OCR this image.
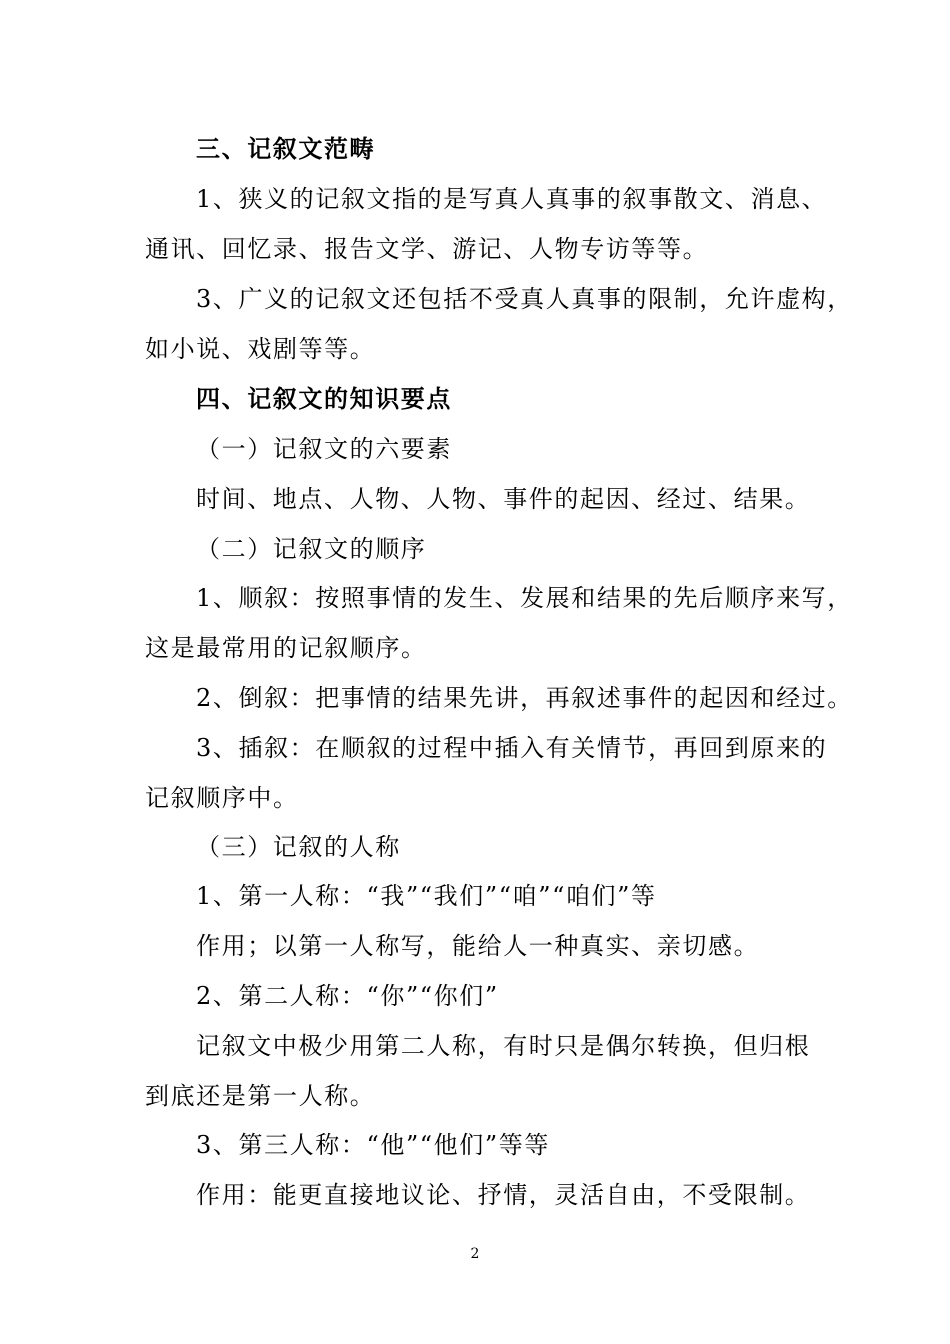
三、记叙文范畴
1、狭义的记叙文指的是写真人真事的叙事散文、消息、
通讯、回忆录、报告文学、游记、人物专访等等。
3、广义的记叙文还包括不受真人真事的限制，允许虚构，
如小说、戏剧等等。
四、记叙文的知识要点
（一）记叙文的六要素
时间、地点、人物、人物、事件的起因、经过、结果。
（二）记叙文的顺序
1、顺叙：按照事情的发生、发展和结果的先后顺序来写，
这是最常用的记叙顺序。
2、倒叙：把事情的结果先讲，再叙述事件的起因和经过。
3、插叙：在顺叙的过程中插入有关情节，再回到原来的
记叙顺序中。
（三）记叙的人称
1、第一人称：“我”“我们”“咱”“咱们”等
作用；以第一人称写，能给人一种真实、亲切感。
2、第二人称：“你”“你们”
记叙文中极少用第二人称，有时只是偶尔转换，但归根
到底还是第一人称。
3、第三人称：“他”“他们”等等
作用：能更直接地议论、抒情，灵活自由，不受限制。
2
